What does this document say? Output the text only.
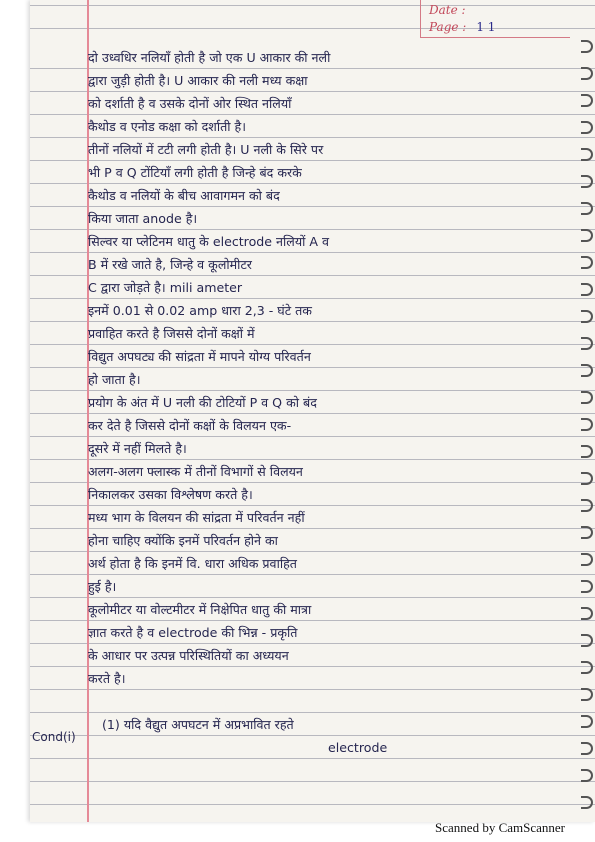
Date :
Page : 1 1
दो उध्वधिर नलियाँ होती है जो एक U आकार की नली
द्वारा जुड़ी होती है। U आकार की नली मध्य कक्षा
को दर्शाती है व उसके दोनों ओर स्थित नलियाँ
कैथोड व एनोड कक्षा को दर्शाती है।
तीनों नलियों में टटी लगी होती है। U नली के सिरे पर
भी P व Q टोंटियाँ लगी होती है जिन्हे बंद करके
कैथोड व नलियों के बीच आवागमन को बंद
किया जाता anode है।
सिल्वर या प्लेटिनम धातु के electrode नलियों A व
B में रखे जाते है, जिन्हे व कूलोमीटर
C द्वारा जोड़ते है। mili ameter
इनमें 0.01 से 0.02 amp धारा 2,3 - घंटे तक
प्रवाहित करते है जिससे दोनों कक्षों में
विद्युत अपघट्य की सांद्रता में मापने योग्य परिवर्तन
हो जाता है।
प्रयोग के अंत में U नली की टोटियों P व Q को बंद
कर देते है जिससे दोनों कक्षों के विलयन एक-
दूसरे में नहीं मिलते है।
अलग-अलग फ्लास्क में तीनों विभागों से विलयन
निकालकर उसका विश्लेषण करते है।
मध्य भाग के विलयन की सांद्रता में परिवर्तन नहीं
होना चाहिए क्योंकि इनमें परिवर्तन होने का
अर्थ होता है कि इनमें वि. धारा अधिक प्रवाहित
हुई है।
कूलोमीटर या वोल्टमीटर में निक्षेपित धातु की मात्रा
ज्ञात करते है व electrode की भिन्न - प्रकृति
के आधार पर उत्पन्न परिस्थितियों का अध्ययन
करते है।
(1) यदि वैद्युत अपघटन में अप्रभावित रहते
electrode
Cond(i)
Scanned by CamScanner
